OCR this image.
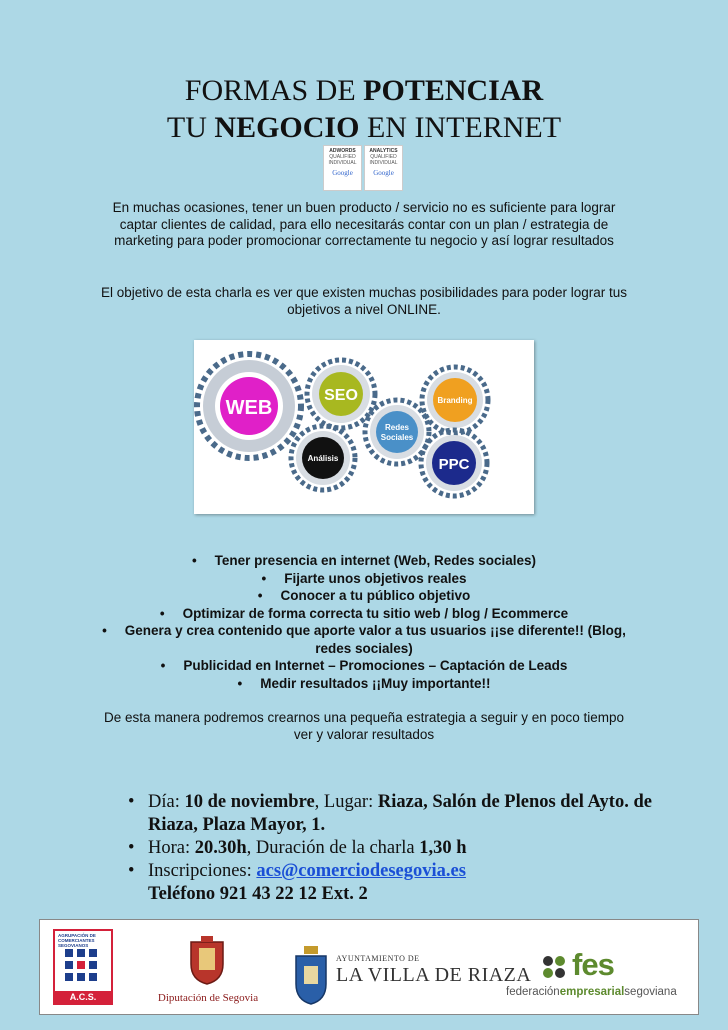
FORMAS DE POTENCIAR
TU NEGOCIO EN INTERNET
ADWORDS
QUALIFIED
INDIVIDUAL
Google
ANALYTICS
QUALIFIED
INDIVIDUAL
Google
En muchas ocasiones, tener un buen producto / servicio no es suficiente para lograr captar clientes de calidad, para ello necesitarás contar con un plan / estrategia de marketing para poder promocionar correctamente tu negocio y así lograr resultados
El objetivo de esta charla es ver que existen muchas posibilidades para poder lograr tus objetivos a nivel ONLINE.
WEB
SEO
Redes
Sociales
Branding
Análisis	PPC
• Tener presencia en internet (Web, Redes sociales)
• Fijarte unos objetivos reales
• Conocer a tu público objetivo
• Optimizar de forma correcta tu sitio web / blog / Ecommerce
• Genera y crea contenido que aporte valor a tus usuarios ¡¡se diferente!! (Blog, redes sociales)
• Publicidad en Internet – Promociones – Captación de Leads
• Medir resultados ¡¡Muy importante!!
De esta manera podremos crearnos una pequeña estrategia a seguir y en poco tiempo ver y valorar resultados
• Día: 10 de noviembre, Lugar: Riaza, Salón de Plenos del Ayto. de Riaza, Plaza Mayor, 1.
• Hora: 20.30h, Duración de la charla 1,30 h
• Inscripciones: acs@comerciodesegovia.es
Teléfono 921 43 22 12 Ext. 2
AGRUPACIÓN DE COMERCIANTES SEGOVIANOS
A.C.S.	Diputación de Segovia
AYUNTAMIENTO DE
LA VILLA DE RIAZA fes
federaciónempresarialsegoviana
